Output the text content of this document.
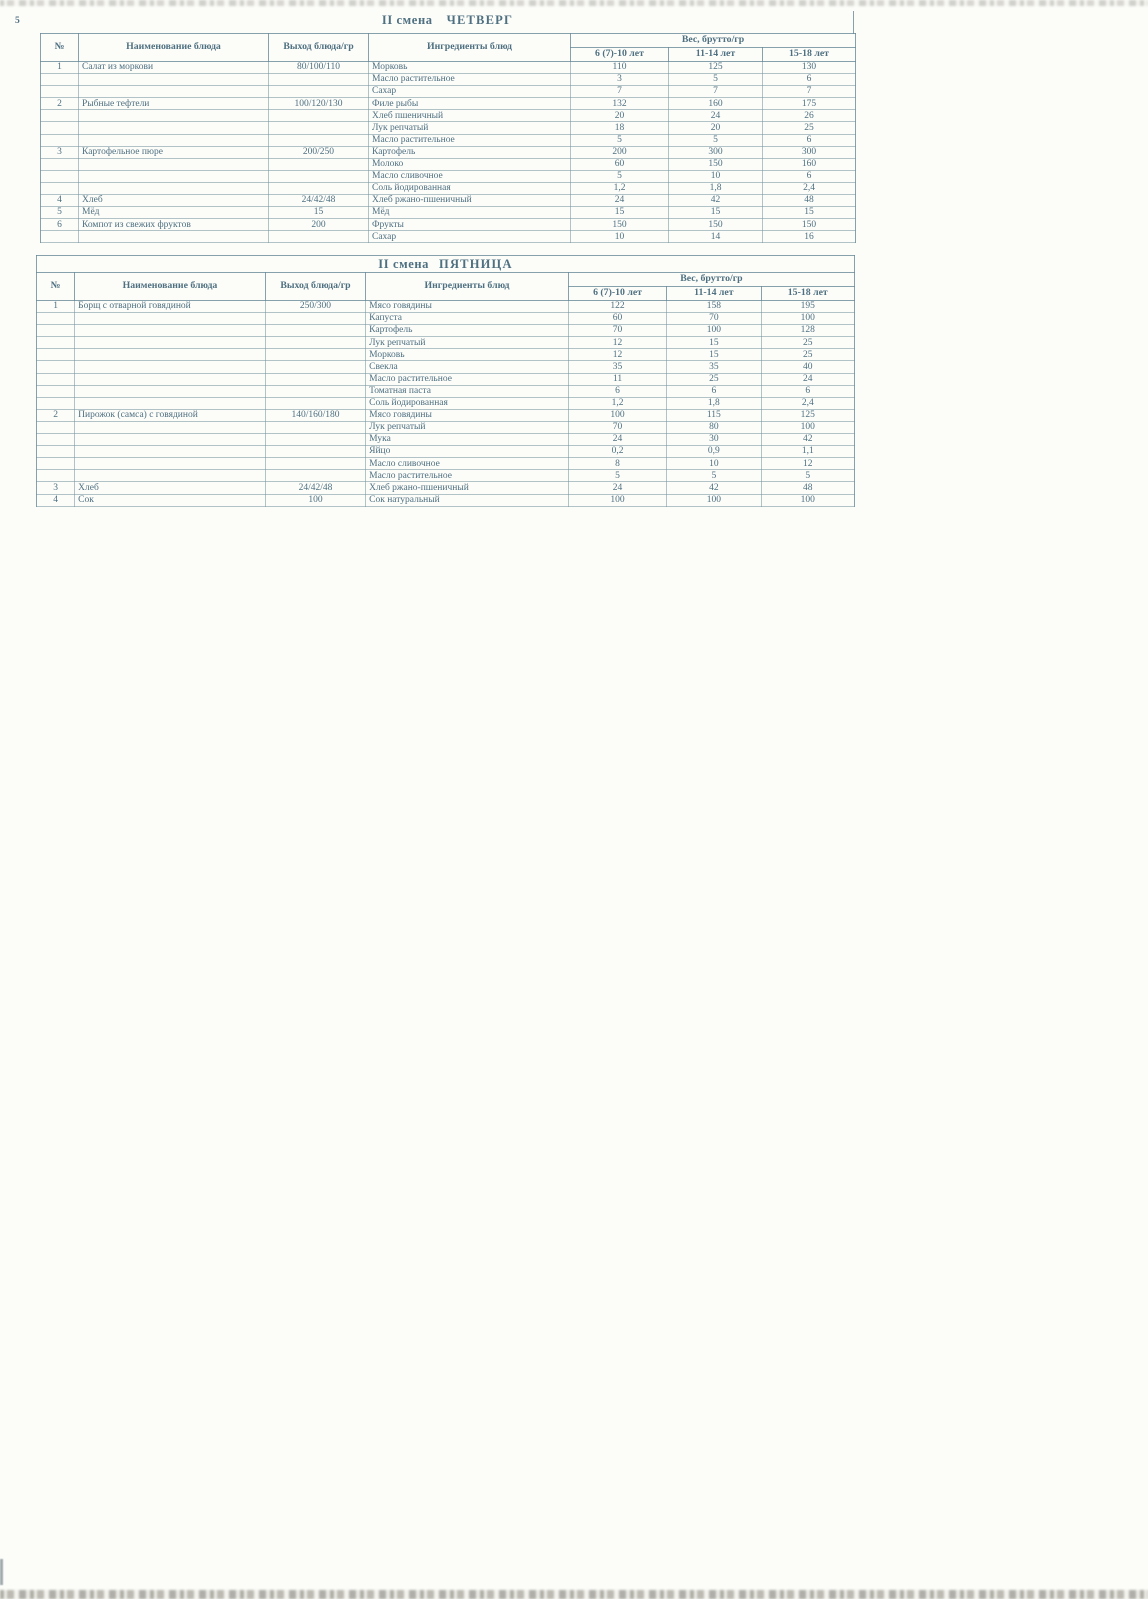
5	II смена ЧЕТВЕРГ
№	Наименование блюда	Выход блюда/гр	Ингредиенты блюд	Вес, брутто/гр		
				6 (7)-10 лет	11-14 лет	15-18 лет
1	Салат из моркови	80/100/110	Морковь	110	125	130
			Масло растительное	3	5	6
			Сахар	7	7	7
2	Рыбные тефтели	100/120/130	Филе рыбы	132	160	175
			Хлеб пшеничный	20	24	26
			Лук репчатый	18	20	25
			Масло растительное	5	5	6
3	Картофельное пюре	200/250	Картофель	200	300	300
			Молоко	60	150	160
			Масло сливочное	5	10	6
			Соль йодированная	1,2	1,8	2,4
4	Хлеб	24/42/48	Хлеб ржано-пшеничный	24	42	48
5	Мёд	15	Мёд	15	15	15
6	Компот из свежих фруктов	200	Фрукты	150	150	150
			Сахар	10	14	16
II смена ПЯТНИЦА						
№	Наименование блюда	Выход блюда/гр	Ингредиенты блюд	Вес, брутто/гр		
				6 (7)-10 лет	11-14 лет	15-18 лет
1	Борщ с отварной говядиной	250/300	Мясо говядины	122	158	195
			Капуста	60	70	100
			Картофель	70	100	128
			Лук репчатый	12	15	25
			Морковь	12	15	25
			Свекла	35	35	40
			Масло растительное	11	25	24
			Томатная паста	6	6	6
			Соль йодированная	1,2	1,8	2,4
2	Пирожок (самса) с говядиной	140/160/180	Мясо говядины	100	115	125
			Лук репчатый	70	80	100
			Мука	24	30	42
			Яйцо	0,2	0,9	1,1
			Масло сливочное	8	10	12
			Масло растительное	5	5	5
3	Хлеб	24/42/48	Хлеб ржано-пшеничный	24	42	48
4	Сок	100	Сок натуральный	100	100	100
